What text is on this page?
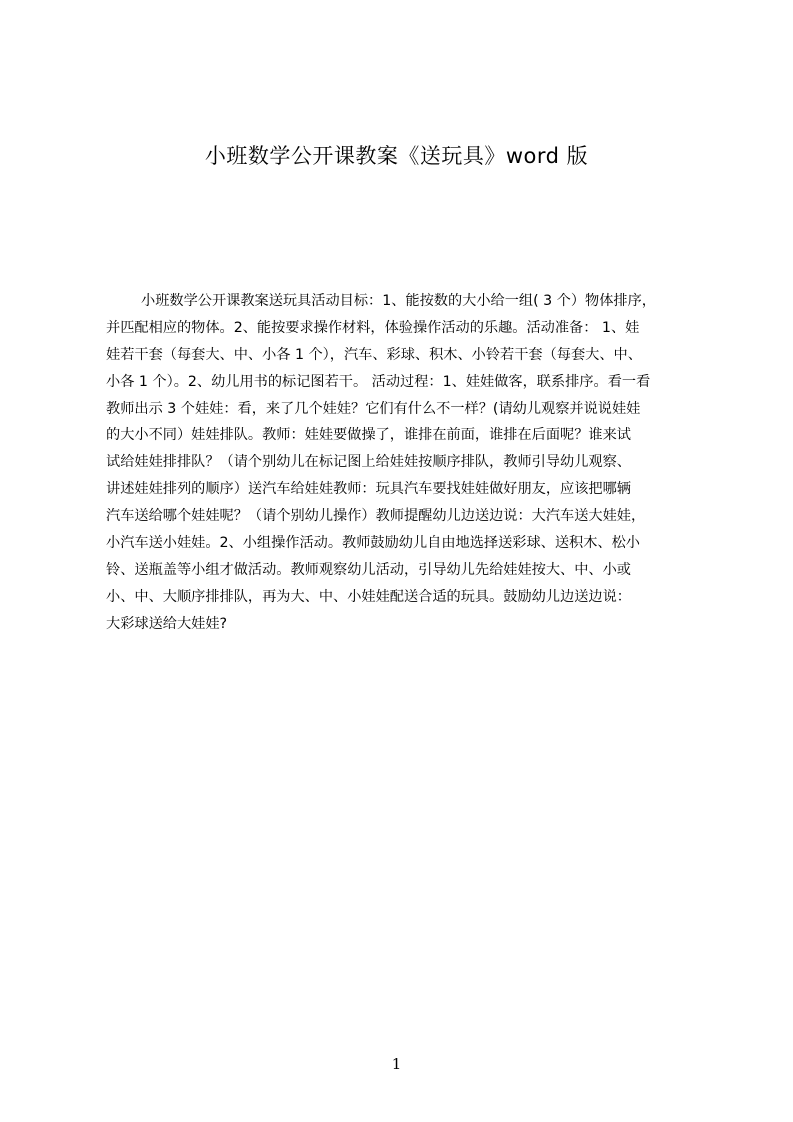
小班数学公开课教案《送玩具》word 版
小班数学公开课教案送玩具活动目标：1、能按数的大小给一组( 3 个）物体排序，
并匹配相应的物体。2、能按要求操作材料，体验操作活动的乐趣。活动准备： 1、娃
娃若干套（每套大、中、小各 1 个），汽车、彩球、积木、小铃若干套（每套大、中、
小各 1 个）。2、幼儿用书的标记图若干。 活动过程：1、娃娃做客，联系排序。看一看
教师出示 3 个娃娃：看，来了几个娃娃？它们有什么不一样？(请幼儿观察并说说娃娃
的大小不同）娃娃排队。教师：娃娃要做操了，谁排在前面，谁排在后面呢？谁来试
试给娃娃排排队？（请个别幼儿在标记图上给娃娃按顺序排队，教师引导幼儿观察、
讲述娃娃排列的顺序）送汽车给娃娃教师：玩具汽车要找娃娃做好朋友，应该把哪辆
汽车送给哪个娃娃呢？（请个别幼儿操作）教师提醒幼儿边送边说：大汽车送大娃娃，
小汽车送小娃娃。2、小组操作活动。教师鼓励幼儿自由地选择送彩球、送积木、松小
铃、送瓶盖等小组才做活动。教师观察幼儿活动，引导幼儿先给娃娃按大、中、小或
小、中、大顺序排排队，再为大、中、小娃娃配送合适的玩具。鼓励幼儿边送边说：
大彩球送给大娃娃?
1
